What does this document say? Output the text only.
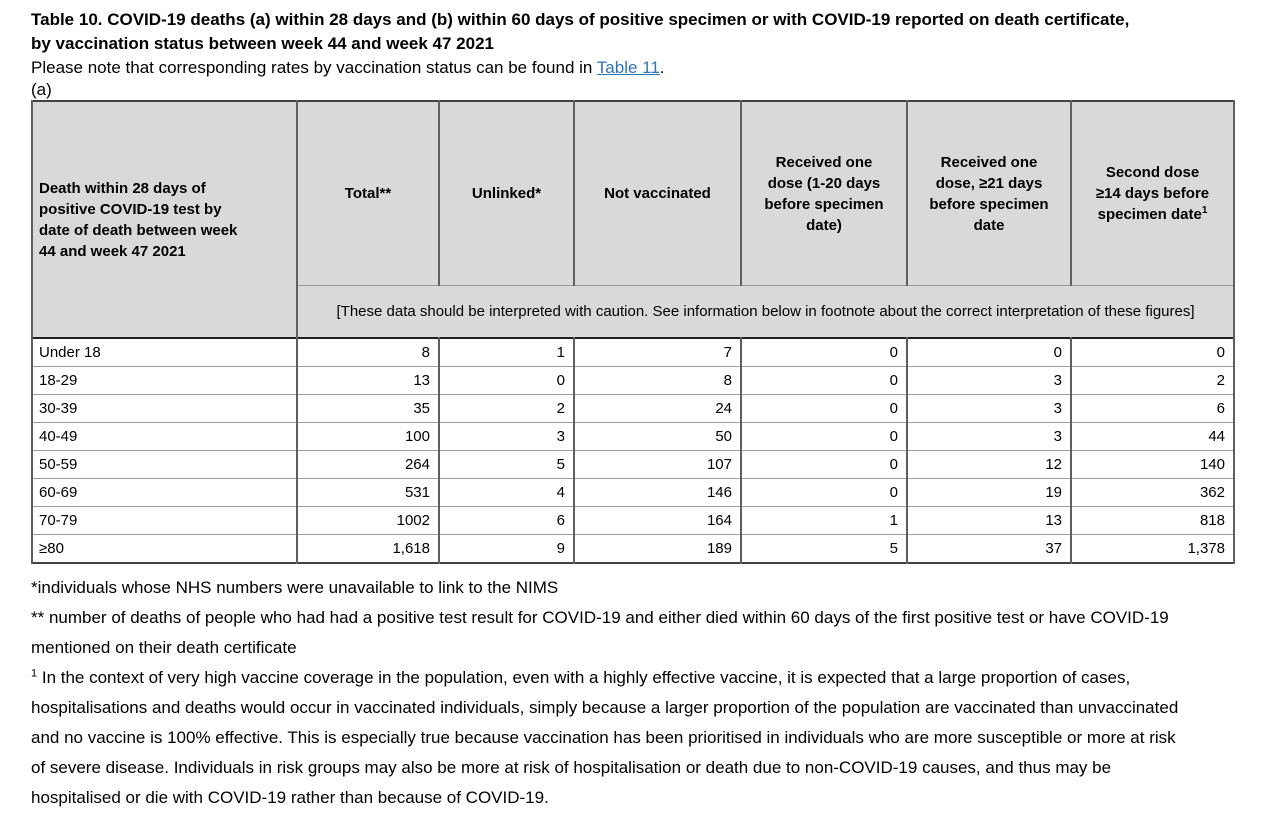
Table 10. COVID-19 deaths (a) within 28 days and (b) within 60 days of positive specimen or with COVID-19 reported on death certificate, by vaccination status between week 44 and week 47 2021

Please note that corresponding rates by vaccination status can be found in Table 11.

(a)

Death within 28 days of positive COVID-19 test by date of death between week 44 and week 47 2021	Total**	Unlinked*	Not vaccinated	Received one dose (1-20 days before specimen date)	Received one dose, ≥21 days before specimen date	Second dose ≥14 days before specimen date$^1$
	[These data should be interpreted with caution. See information below in footnote about the correct interpretation of these figures]					
Under 18	8	1	7	0	0	0
18-29	13	0	8	0	3	2
30-39	35	2	24	0	3	6
40-49	100	3	50	0	3	44
50-59	264	5	107	0	12	140
60-69	531	4	146	0	19	362
70-79	1002	6	164	1	13	818
≥80	1,618	9	189	5	37	1,378

*individuals whose NHS numbers were unavailable to link to the NIMS

** number of deaths of people who had had a positive test result for COVID-19 and either died within 60 days of the first positive test or have COVID-19 mentioned on their death certificate

$^1$ In the context of very high vaccine coverage in the population, even with a highly effective vaccine, it is expected that a large proportion of cases, hospitalisations and deaths would occur in vaccinated individuals, simply because a larger proportion of the population are vaccinated than unvaccinated and no vaccine is 100% effective. This is especially true because vaccination has been prioritised in individuals who are more susceptible or more at risk of severe disease. Individuals in risk groups may also be more at risk of hospitalisation or death due to non-COVID-19 causes, and thus may be hospitalised or die with COVID-19 rather than because of COVID-19.
